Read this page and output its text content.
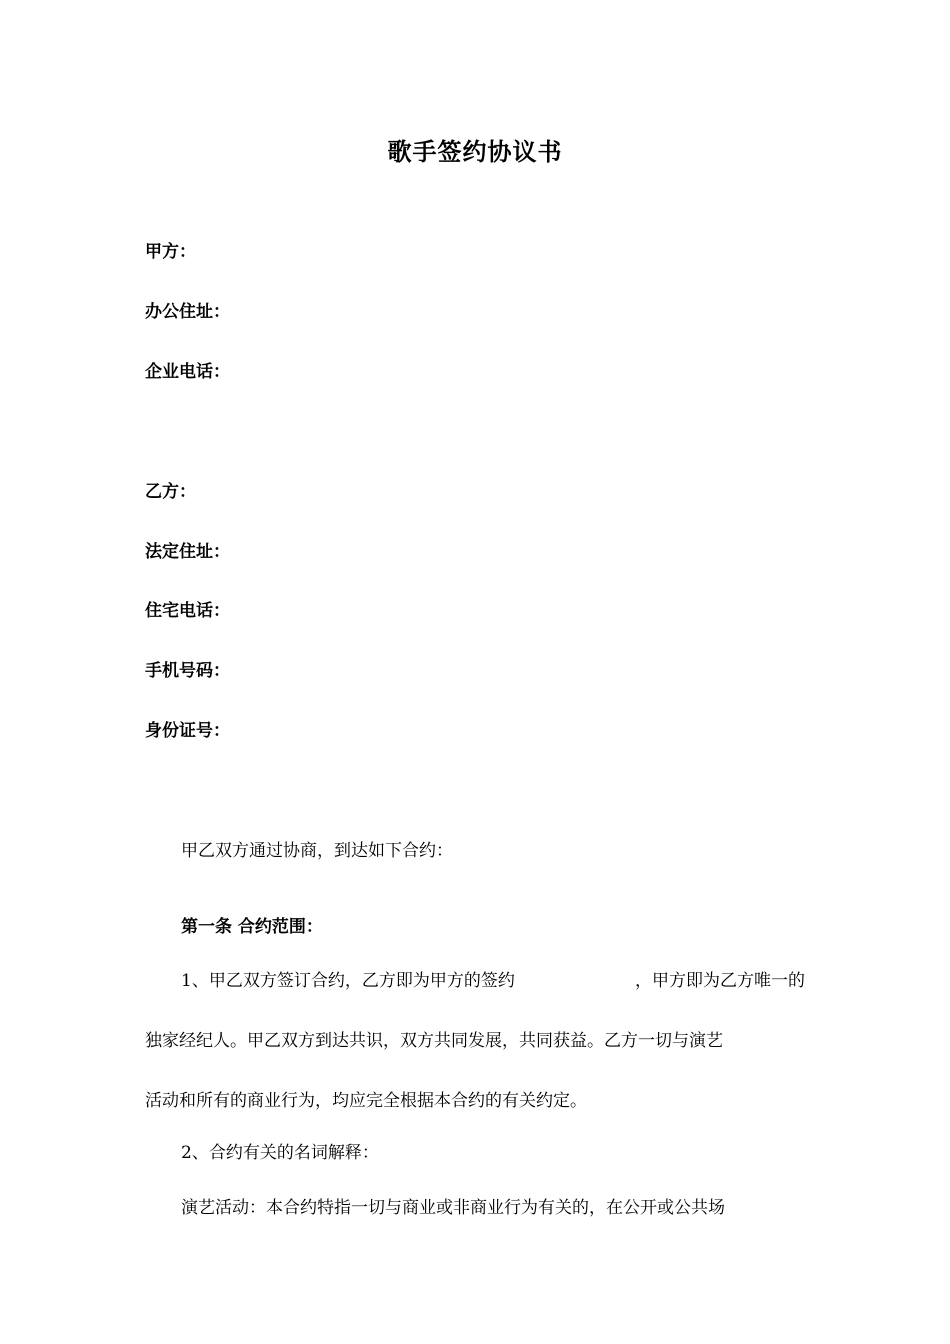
歌手签约协议书
甲方：
办公住址：
企业电话：
乙方：
法定住址：
住宅电话：
手机号码：
身份证号：
甲乙双方通过协商，到达如下合约：
第一条 合约范围：
1、甲乙双方签订合约，乙方即为甲方的签约	，甲方即为乙方唯一的
独家经纪人。甲乙双方到达共识，双方共同发展，共同获益。乙方一切与演艺
活动和所有的商业行为，均应完全根据本合约的有关约定。
2、合约有关的名词解释：
演艺活动：本合约特指一切与商业或非商业行为有关的，在公开或公共场
